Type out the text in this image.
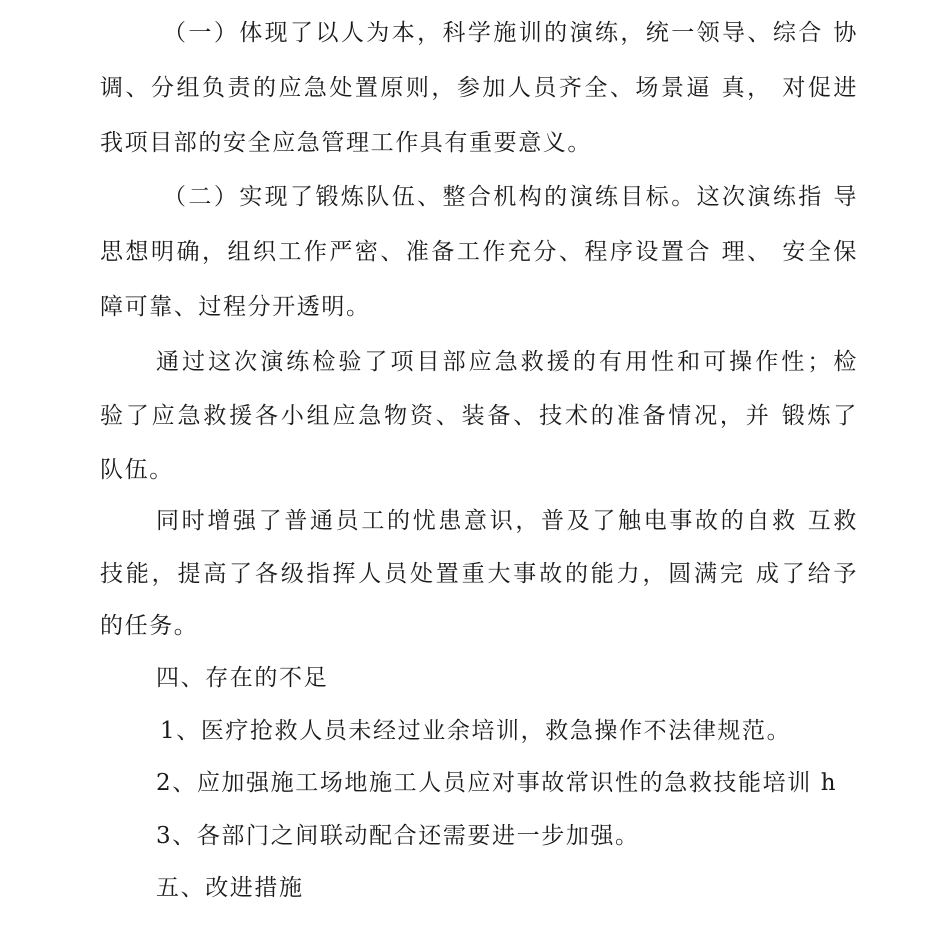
（一）体现了以人为本，科学施训的演练，统一领导、综合 协
调、分组负责的应急处置原则，参加人员齐全、场景逼 真， 对促进
我项目部的安全应急管理工作具有重要意义。
（二）实现了锻炼队伍、整合机构的演练目标。这次演练指 导
思想明确，组织工作严密、准备工作充分、程序设置合 理、 安全保
障可靠、过程分开透明。
通过这次演练检验了项目部应急救援的有用性和可操作性；检
验了应急救援各小组应急物资、装备、技术的准备情况，并 锻炼了
队伍。
同时增强了普通员工的忧患意识，普及了触电事故的自救 互救
技能，提高了各级指挥人员处置重大事故的能力，圆满完 成了给予
的任务。
四、存在的不足
1、医疗抢救人员未经过业余培训，救急操作不法律规范。
2、应加强施工场地施工人员应对事故常识性的急救技能培训 h
3、各部门之间联动配合还需要进一步加强。
五、改进措施
